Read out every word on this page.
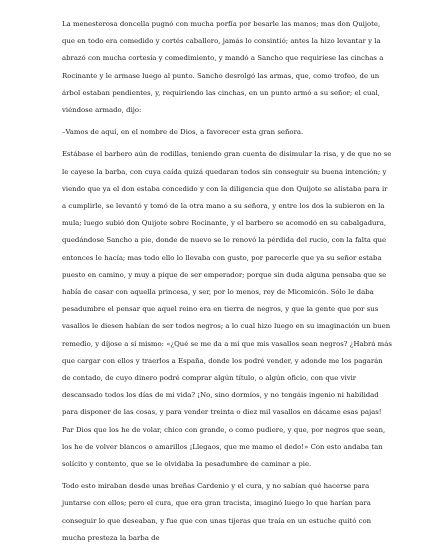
La menesterosa doncella pugnó con mucha porfía por besarle las manos; mas don Quijote, que en todo era comedido y cortés caballero, jamás lo consintió; antes la hizo levantar y la abrazó con mucha cortesía y comedimiento, y mandó a Sancho que requiriese las cinchas a Rocinante y le armase luego al punto. Sancho desrolgó las armas, que, como trofeo, de un árbol estaban pendientes, y, requiriendo las cinchas, en un punto armó a su señor; el cual, viéndose armado, dijo:

–Vamos de aquí, en el nombre de Dios, a favorecer esta gran señora.

Estábase el barbero aún de rodillas, teniendo gran cuenta de disimular la risa, y de que no se le cayese la barba, con cuya caída quizá quedaran todos sin conseguir su buena intención; y viendo que ya el don estaba concedido y con la diligencia que don Quijote se alistaba para ir a cumplirle, se levantó y tomó de la otra mano a su señora, y entre los dos la subieron en la mula; luego subió don Quijote sobre Rocinante, y el barbero se acomodó en su cabalgadura, quedándose Sancho a pie, donde de nuevo se le renovó la pérdida del rucio, con la falta que entonces le hacía; mas todo ello lo llevaba con gusto, por parecerle que ya su señor estaba puesto en camino, y muy a pique de ser emperador; porque sin duda alguna pensaba que se había de casar con aquella princesa, y ser, por lo menos, rey de Micomicón. Sólo le daba pesadumbre el pensar que aquel reino era en tierra de negros, y que la gente que por sus vasallos le diesen habían de ser todos negros; a lo cual hizo luego en su imaginación un buen remedio, y díjose a sí mismo: «¿Qué se me da a mí que mis vasallos sean negros? ¿Habrá más que cargar con ellos y traerlos a España, donde los podré vender, y adonde me los pagarán de contado, de cuyo dinero podré comprar algún título, o algún oficio, con que vivir descansado todos los días de mi vida? ¡No, sino dormíos, y no tengáis ingenio ni habilidad para disponer de las cosas, y para vender treinta o diez mil vasallos en dácame esas pajas! Par Dios que los he de volar, chico con grande, o como pudiere, y que, por negros que sean, los he de volver blancos o amarillos ¡Llegaos, que me mamo el dedo!» Con esto andaba tan solícito y contento, que se le olvidaba la pesadumbre de caminar a pie.

Todo esto miraban desde unas breñas Cardenio y el cura, y no sabían qué hacerse para juntarse con ellos; pero el cura, que era gran tracista, imaginó luego lo que harían para conseguir lo que deseaban, y fue que con unas tijeras que traía en un estuche quitó con mucha presteza la barba de
